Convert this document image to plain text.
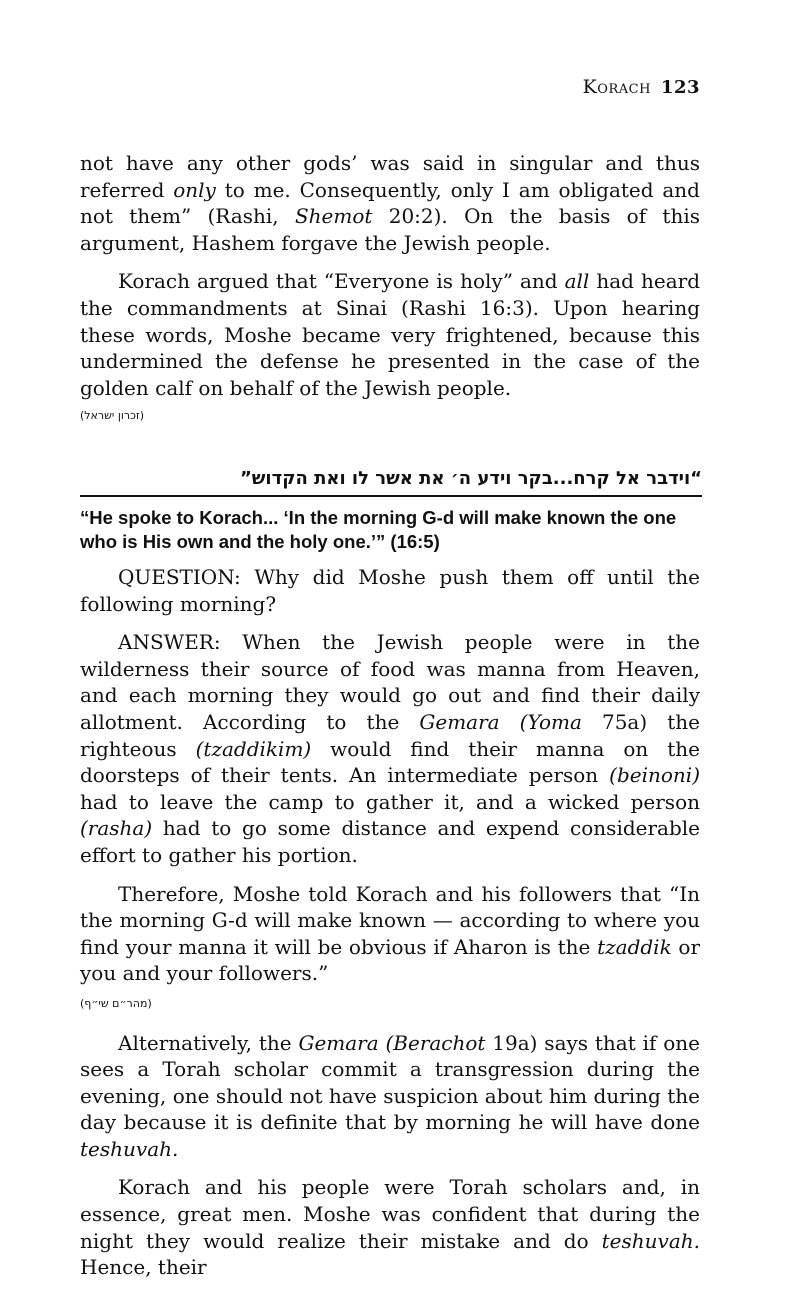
Korach 123

not have any other gods’ was said in singular and thus referred only to me. Consequently, only I am obligated and not them” (Rashi, Shemot 20:2). On the basis of this argument, Hashem forgave the Jewish people.

Korach argued that “Everyone is holy” and all had heard the commandments at Sinai (Rashi 16:3). Upon hearing these words, Moshe became very frightened, because this undermined the defense he presented in the case of the golden calf on behalf of the Jewish people.

(זכרון ישראל)

“וידבר אל קרח...בקר וידע ה׳ את אשר לו ואת הקדוש”
“He spoke to Korach... ‘In the morning G-d will make known the one who is His own and the holy one.’” (16:5)

QUESTION: Why did Moshe push them off until the following morning?

ANSWER: When the Jewish people were in the wilderness their source of food was manna from Heaven, and each morning they would go out and find their daily allotment. According to the Gemara (Yoma 75a) the righteous (tzaddikim) would find their manna on the doorsteps of their tents. An intermediate person (beinoni) had to leave the camp to gather it, and a wicked person (rasha) had to go some distance and expend considerable effort to gather his portion.

Therefore, Moshe told Korach and his followers that “In the morning G-d will make known — according to where you find your manna it will be obvious if Aharon is the tzaddik or you and your followers.”

(מהר״ם שי״ף)

Alternatively, the Gemara (Berachot 19a) says that if one sees a Torah scholar commit a transgression during the evening, one should not have suspicion about him during the day because it is definite that by morning he will have done teshuvah.

Korach and his people were Torah scholars and, in essence, great men. Moshe was confident that during the night they would realize their mistake and do teshuvah. Hence, their
